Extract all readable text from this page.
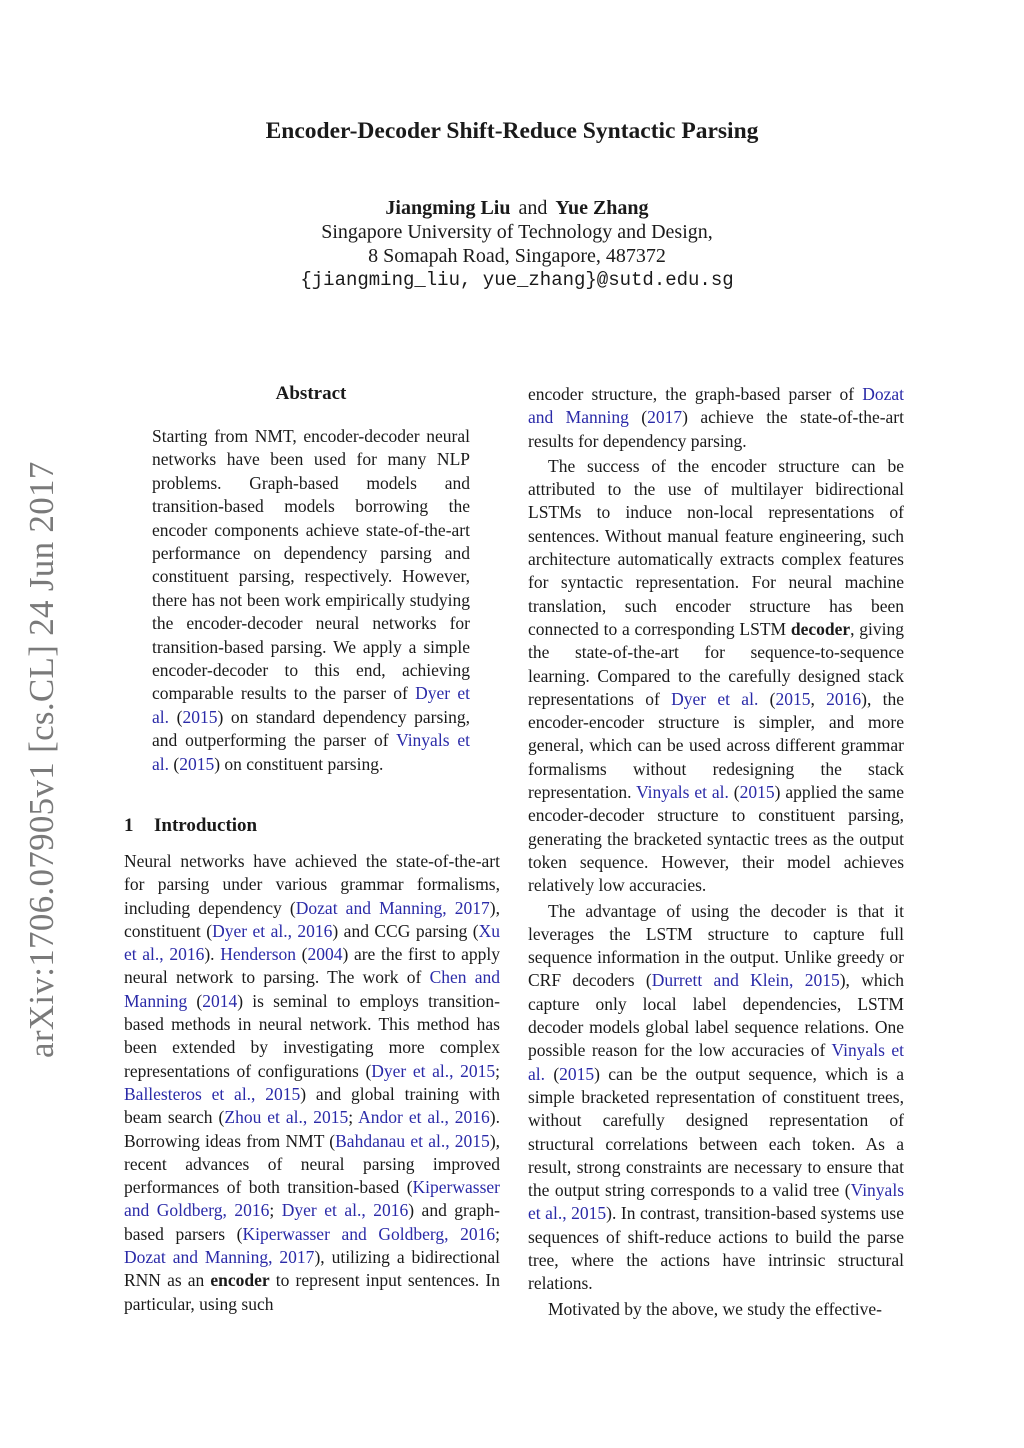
Encoder-Decoder Shift-Reduce Syntactic Parsing
Jiangming Liu and Yue Zhang
Singapore University of Technology and Design,
8 Somapah Road, Singapore, 487372
{jiangming_liu, yue_zhang}@sutd.edu.sg
arXiv:1706.07905v1 [cs.CL] 24 Jun 2017
Abstract

Starting from NMT, encoder-decoder neural networks have been used for many NLP problems. Graph-based models and transition-based models borrowing the encoder components achieve state-of-the-art performance on dependency parsing and constituent parsing, respectively. However, there has not been work empirically studying the encoder-decoder neural networks for transition-based parsing. We apply a simple encoder-decoder to this end, achieving comparable results to the parser of Dyer et al. (2015) on standard dependency parsing, and outperforming the parser of Vinyals et al. (2015) on constituent parsing.

1 Introduction

Neural networks have achieved the state-of-the-art for parsing under various grammar formalisms, including dependency (Dozat and Manning, 2017), constituent (Dyer et al., 2016) and CCG parsing (Xu et al., 2016). Henderson (2004) are the first to apply neural network to parsing. The work of Chen and Manning (2014) is seminal to employs transition-based methods in neural network. This method has been extended by investigating more complex representations of configurations (Dyer et al., 2015; Ballesteros et al., 2015) and global training with beam search (Zhou et al., 2015; Andor et al., 2016). Borrowing ideas from NMT (Bahdanau et al., 2015), recent advances of neural parsing improved performances of both transition-based (Kiperwasser and Goldberg, 2016; Dyer et al., 2016) and graph-based parsers (Kiperwasser and Goldberg, 2016; Dozat and Manning, 2017), utilizing a bidirectional RNN as an encoder to represent input sentences. In particular, using such

encoder structure, the graph-based parser of Dozat and Manning (2017) achieve the state-of-the-art results for dependency parsing.

The success of the encoder structure can be attributed to the use of multilayer bidirectional LSTMs to induce non-local representations of sentences. Without manual feature engineering, such architecture automatically extracts complex features for syntactic representation. For neural machine translation, such encoder structure has been connected to a corresponding LSTM decoder, giving the state-of-the-art for sequence-to-sequence learning. Compared to the carefully designed stack representations of Dyer et al. (2015, 2016), the encoder-encoder structure is simpler, and more general, which can be used across different grammar formalisms without redesigning the stack representation. Vinyals et al. (2015) applied the same encoder-decoder structure to constituent parsing, generating the bracketed syntactic trees as the output token sequence. However, their model achieves relatively low accuracies.

The advantage of using the decoder is that it leverages the LSTM structure to capture full sequence information in the output. Unlike greedy or CRF decoders (Durrett and Klein, 2015), which capture only local label dependencies, LSTM decoder models global label sequence relations. One possible reason for the low accuracies of Vinyals et al. (2015) can be the output sequence, which is a simple bracketed representation of constituent trees, without carefully designed representation of structural correlations between each token. As a result, strong constraints are necessary to ensure that the output string corresponds to a valid tree (Vinyals et al., 2015). In contrast, transition-based systems use sequences of shift-reduce actions to build the parse tree, where the actions have intrinsic structural relations.

Motivated by the above, we study the effective-
